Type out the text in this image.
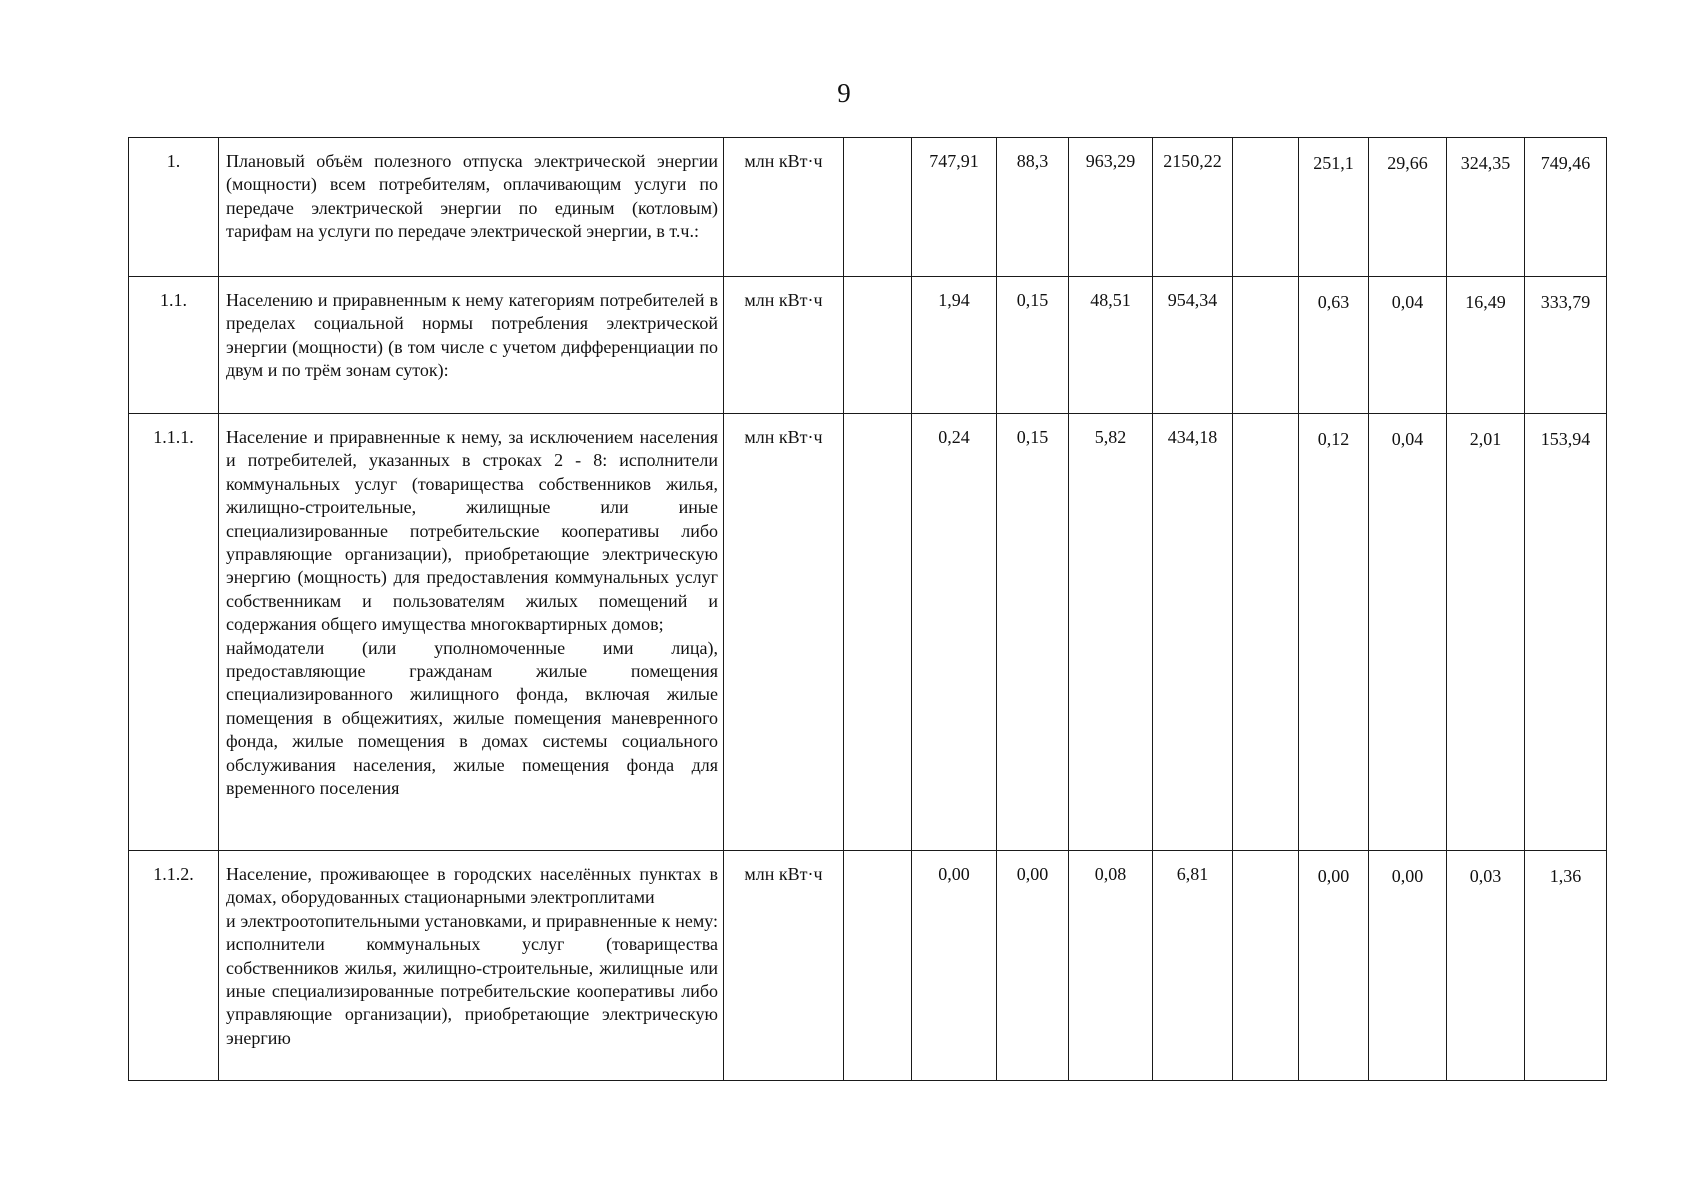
9
1.	Плановый объём полезного отпуска электрической энергии (мощности) всем потребителям, оплачивающим услуги по передаче электрической энергии по единым (котловым) тарифам на услуги по передаче электрической энергии, в т.ч.:	млн кВт·ч		747,91	88,3	963,29	2150,22		251,1	29,66	324,35	749,46
1.1.	Населению и приравненным к нему категориям потребителей в пределах социальной нормы потребления электрической энергии (мощности) (в том числе с учетом дифференциации по двум и по трём зонам суток):	млн кВт·ч		1,94	0,15	48,51	954,34		0,63	0,04	16,49	333,79
1.1.1.	Население и приравненные к нему, за исключением населения и потребителей, указанных в строках 2 - 8: исполнители коммунальных услуг (товарищества собственников жилья, жилищно-строительные, жилищные или иные специализированные потребительские кооперативы либо управляющие организации), приобретающие электрическую энергию (мощность) для предоставления коммунальных услуг собственникам и пользователям жилых помещений и содержания общего имущества многоквартирных домов;
наймодатели (или уполномоченные ими лица), предоставляющие гражданам жилые помещения специализированного жилищного фонда, включая жилые помещения в общежитиях, жилые помещения маневренного фонда, жилые помещения в домах системы социального обслуживания населения, жилые помещения фонда для временного поселения	млн кВт·ч		0,24	0,15	5,82	434,18		0,12	0,04	2,01	153,94
1.1.2.	Население, проживающее в городских населённых пунктах в домах, оборудованных стационарными электроплитами
и электроотопительными установками, и приравненные к нему: исполнители коммунальных услуг (товарищества собственников жилья, жилищно-строительные, жилищные или иные специализированные потребительские кооперативы либо управляющие организации), приобретающие электрическую энергию	млн кВт·ч		0,00	0,00	0,08	6,81		0,00	0,00	0,03	1,36
